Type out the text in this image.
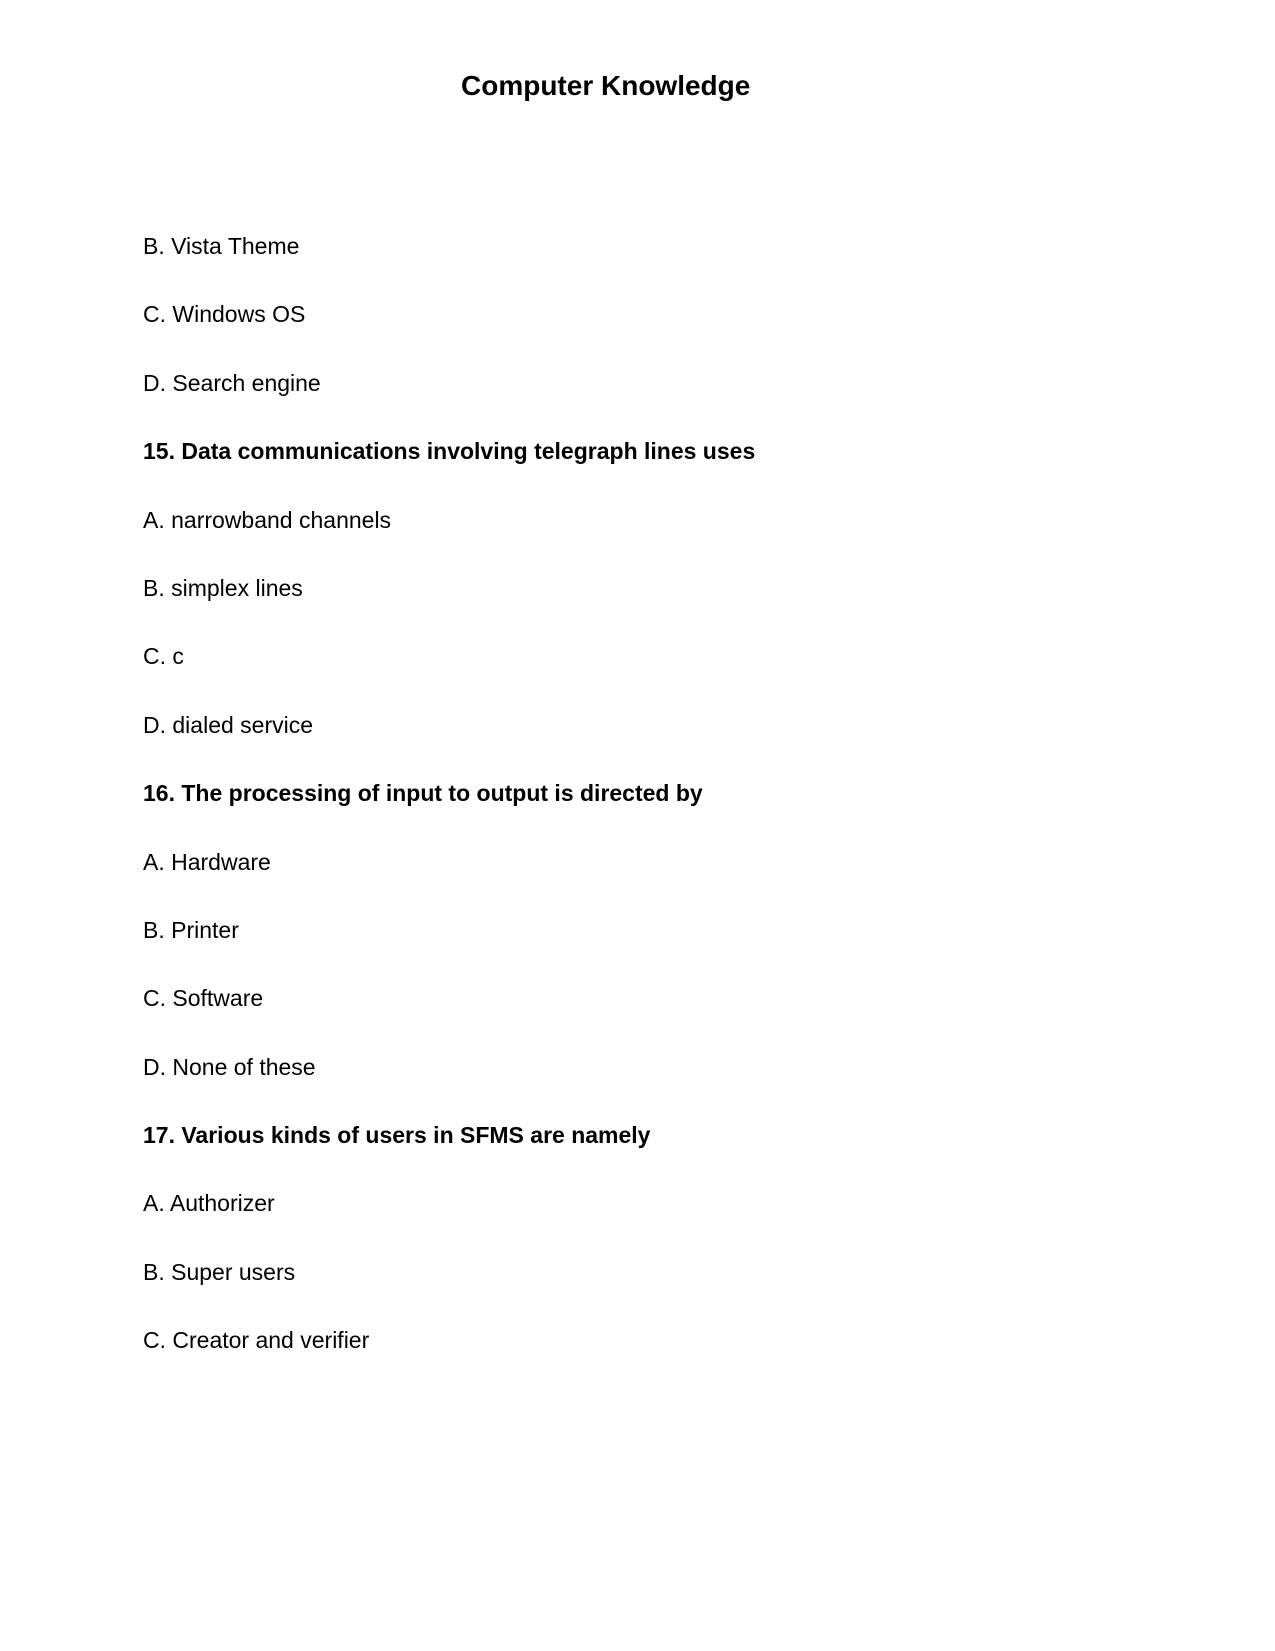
Computer Knowledge
B. Vista Theme
C. Windows OS
D. Search engine
15. Data communications involving telegraph lines uses
A. narrowband channels
B. simplex lines
C. c
D. dialed service
16. The processing of input to output is directed by
A. Hardware
B. Printer
C. Software
D. None of these
17. Various kinds of users in SFMS are namely
A. Authorizer
B. Super users
C. Creator and verifier
